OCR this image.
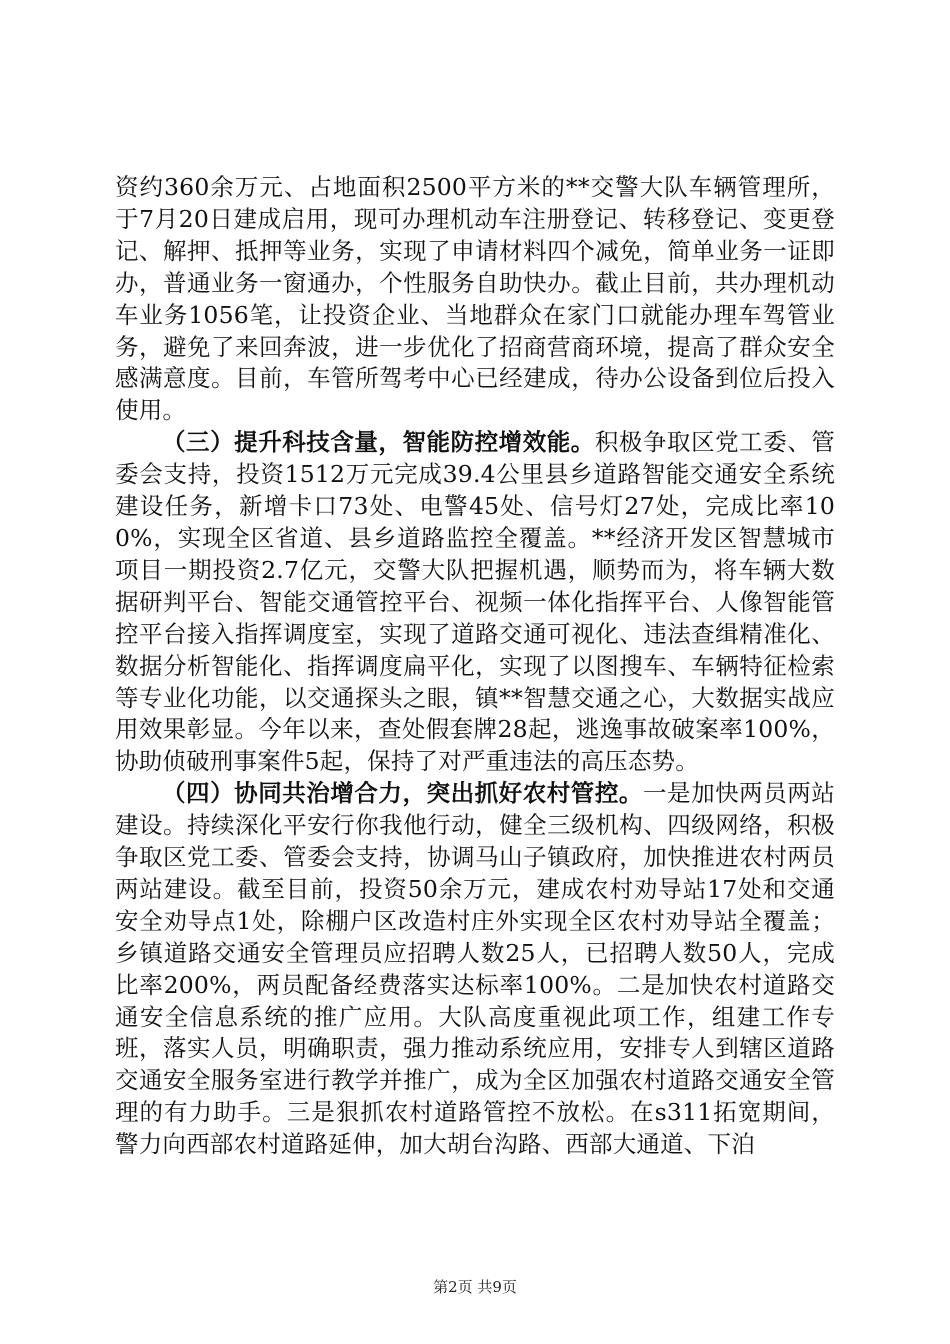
资约360余万元、占地面积2500平方米的**交警大队车辆管理所，于7月20日建成启用，现可办理机动车注册登记、转移登记、变更登记、解押、抵押等业务，实现了申请材料四个减免，简单业务一证即办，普通业务一窗通办，个性服务自助快办。截止目前，共办理机动车业务1056笔，让投资企业、当地群众在家门口就能办理车驾管业务，避免了来回奔波，进一步优化了招商营商环境，提高了群众安全感满意度。目前，车管所驾考中心已经建成，待办公设备到位后投入使用。

（三）提升科技含量，智能防控增效能。积极争取区党工委、管委会支持，投资1512万元完成39.4公里县乡道路智能交通安全系统建设任务，新增卡口73处、电警45处、信号灯27处，完成比率100%，实现全区省道、县乡道路监控全覆盖。**经济开发区智慧城市项目一期投资2.7亿元，交警大队把握机遇，顺势而为，将车辆大数据研判平台、智能交通管控平台、视频一体化指挥平台、人像智能管控平台接入指挥调度室，实现了道路交通可视化、违法查缉精准化、数据分析智能化、指挥调度扁平化，实现了以图搜车、车辆特征检索等专业化功能，以交通探头之眼，镇**智慧交通之心，大数据实战应用效果彰显。今年以来，查处假套牌28起，逃逸事故破案率100%，协助侦破刑事案件5起，保持了对严重违法的高压态势。

（四）协同共治增合力，突出抓好农村管控。一是加快两员两站建设。持续深化平安行你我他行动，健全三级机构、四级网络，积极争取区党工委、管委会支持，协调马山子镇政府，加快推进农村两员两站建设。截至目前，投资50余万元，建成农村劝导站17处和交通安全劝导点1处，除棚户区改造村庄外实现全区农村劝导站全覆盖；乡镇道路交通安全管理员应招聘人数25人，已招聘人数50人，完成比率200%，两员配备经费落实达标率100%。二是加快农村道路交通安全信息系统的推广应用。大队高度重视此项工作，组建工作专班，落实人员，明确职责，强力推动系统应用，安排专人到辖区道路交通安全服务室进行教学并推广，成为全区加强农村道路交通安全管理的有力助手。三是狠抓农村道路管控不放松。在s311拓宽期间，警力向西部农村道路延伸，加大胡台沟路、西部大通道、下泊

第2页 共9页
